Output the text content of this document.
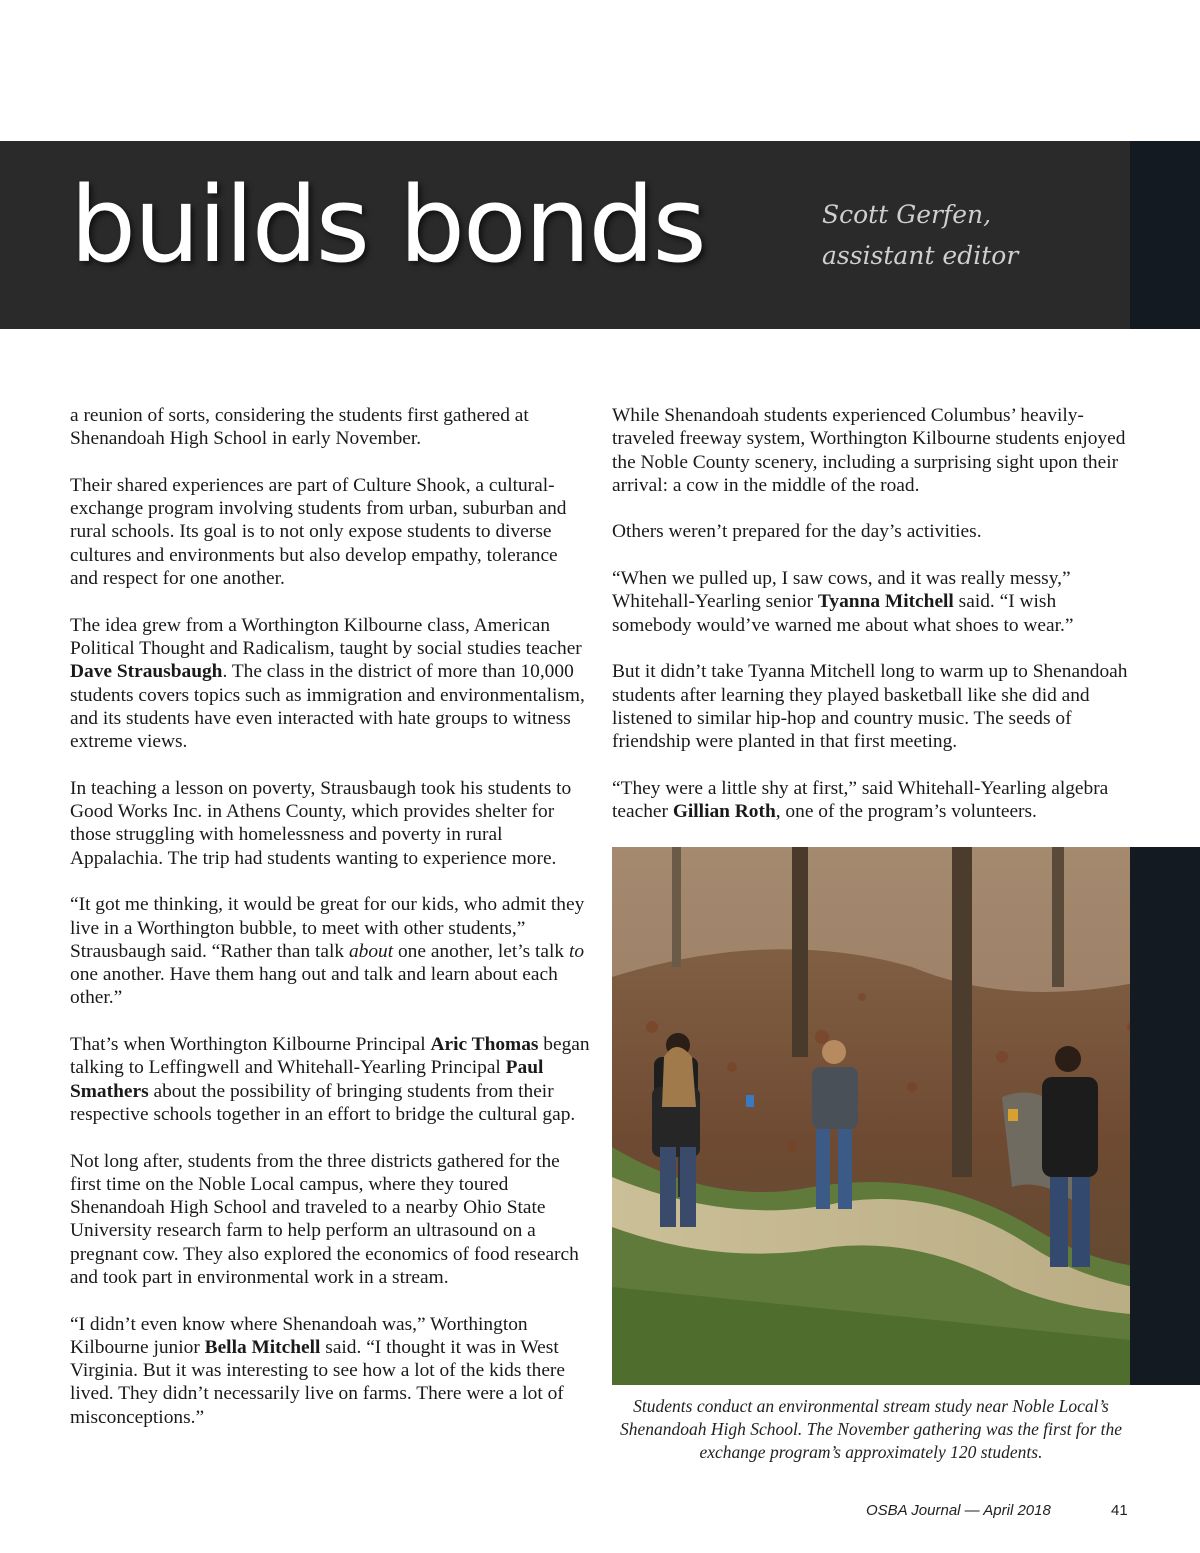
builds bonds	Scott Gerfen,
assistant editor

a reunion of sorts, considering the students first gathered at Shenandoah High School in early November.

Their shared experiences are part of Culture Shook, a cultural-exchange program involving students from urban, suburban and rural schools. Its goal is to not only expose students to diverse cultures and environments but also develop empathy, tolerance and respect for one another.

The idea grew from a Worthington Kilbourne class, American Political Thought and Radicalism, taught by social studies teacher Dave Strausbaugh. The class in the district of more than 10,000 students covers topics such as immigration and environmentalism, and its students have even interacted with hate groups to witness extreme views.

In teaching a lesson on poverty, Strausbaugh took his students to Good Works Inc. in Athens County, which provides shelter for those struggling with homelessness and poverty in rural Appalachia. The trip had students wanting to experience more.

“It got me thinking, it would be great for our kids, who admit they live in a Worthington bubble, to meet with other students,” Strausbaugh said. “Rather than talk about one another, let’s talk to one another. Have them hang out and talk and learn about each other.”

That’s when Worthington Kilbourne Principal Aric Thomas began talking to Leffingwell and Whitehall-Yearling Principal Paul Smathers about the possibility of bringing students from their respective schools together in an effort to bridge the cultural gap.

Not long after, students from the three districts gathered for the first time on the Noble Local campus, where they toured Shenandoah High School and traveled to a nearby Ohio State University research farm to help perform an ultrasound on a pregnant cow. They also explored the economics of food research and took part in environmental work in a stream.

“I didn’t even know where Shenandoah was,” Worthington Kilbourne junior Bella Mitchell said. “I thought it was in West Virginia. But it was interesting to see how a lot of the kids there lived. They didn’t necessarily live on farms. There were a lot of misconceptions.”

While Shenandoah students experienced Columbus’ heavily-traveled freeway system, Worthington Kilbourne students enjoyed the Noble County scenery, including a surprising sight upon their arrival: a cow in the middle of the road.

Others weren’t prepared for the day’s activities.

“When we pulled up, I saw cows, and it was really messy,” Whitehall-Yearling senior Tyanna Mitchell said. “I wish somebody would’ve warned me about what shoes to wear.”

But it didn’t take Tyanna Mitchell long to warm up to Shenandoah students after learning they played basketball like she did and listened to similar hip-hop and country music. The seeds of friendship were planted in that first meeting.

“They were a little shy at first,” said Whitehall-Yearling algebra teacher Gillian Roth, one of the program’s volunteers.

Students conduct an environmental stream study near Noble Local’s Shenandoah High School. The November gathering was the first for the exchange program’s approximately 120 students.
OSBA Journal — April 2018	41
